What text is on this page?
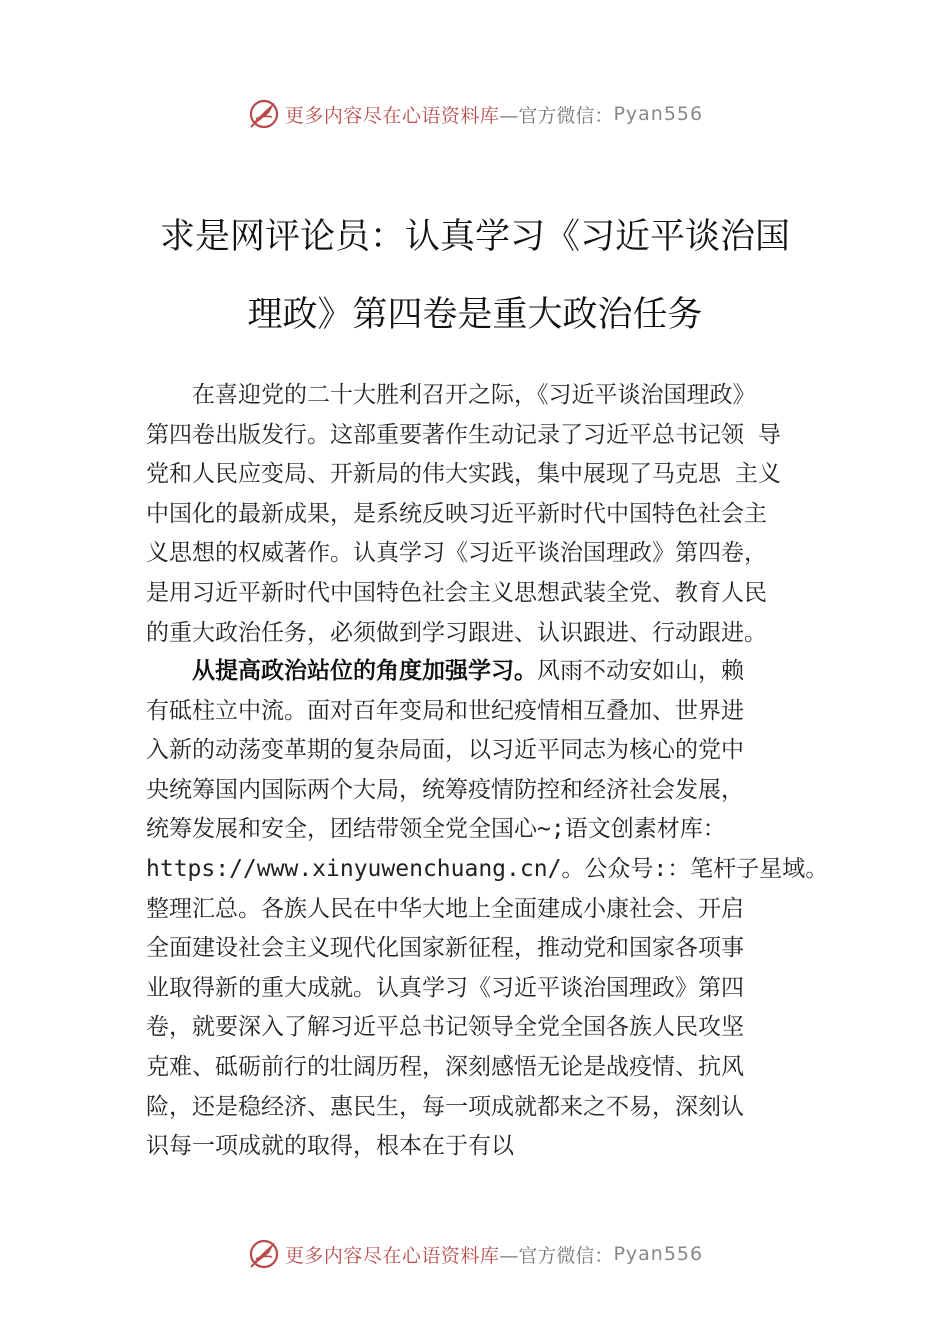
更多内容尽在心语资料库 —官方微信： Pyan556
求是网评论员：认真学习《习近平谈治国
理政》第四卷是重大政治任务
　　在喜迎党的二十大胜利召开之际，《习近平谈治国理政》
第四卷出版发行。这部重要著作生动记录了习近平总书记领 导
党和人民应变局、开新局的伟大实践，集中展现了马克思 主义
中国化的最新成果，是系统反映习近平新时代中国特色社会主
义思想的权威著作。认真学习《习近平谈治国理政》第四卷，
是用习近平新时代中国特色社会主义思想武装全党、教育人民
的重大政治任务，必须做到学习跟进、认识跟进、行动跟进。
　　从提高政治站位的角度加强学习。风雨不动安如山，赖
有砥柱立中流。面对百年变局和世纪疫情相互叠加、世界进
入新的动荡变革期的复杂局面，以习近平同志为核心的党中
央统筹国内国际两个大局，统筹疫情防控和经济社会发展，
统筹发展和安全，团结带领全党全国心~;语文创素材库：
https://www.xinyuwenchuang.cn/。公众号:：笔杆子星域。
整理汇总。各族人民在中华大地上全面建成小康社会、开启
全面建设社会主义现代化国家新征程，推动党和国家各项事
业取得新的重大成就。认真学习《习近平谈治国理政》第四
卷，就要深入了解习近平总书记领导全党全国各族人民攻坚
克难、砥砺前行的壮阔历程，深刻感悟无论是战疫情、抗风
险，还是稳经济、惠民生，每一项成就都来之不易，深刻认
识每一项成就的取得，根本在于有以
更多内容尽在心语资料库 —官方微信： Pyan556
